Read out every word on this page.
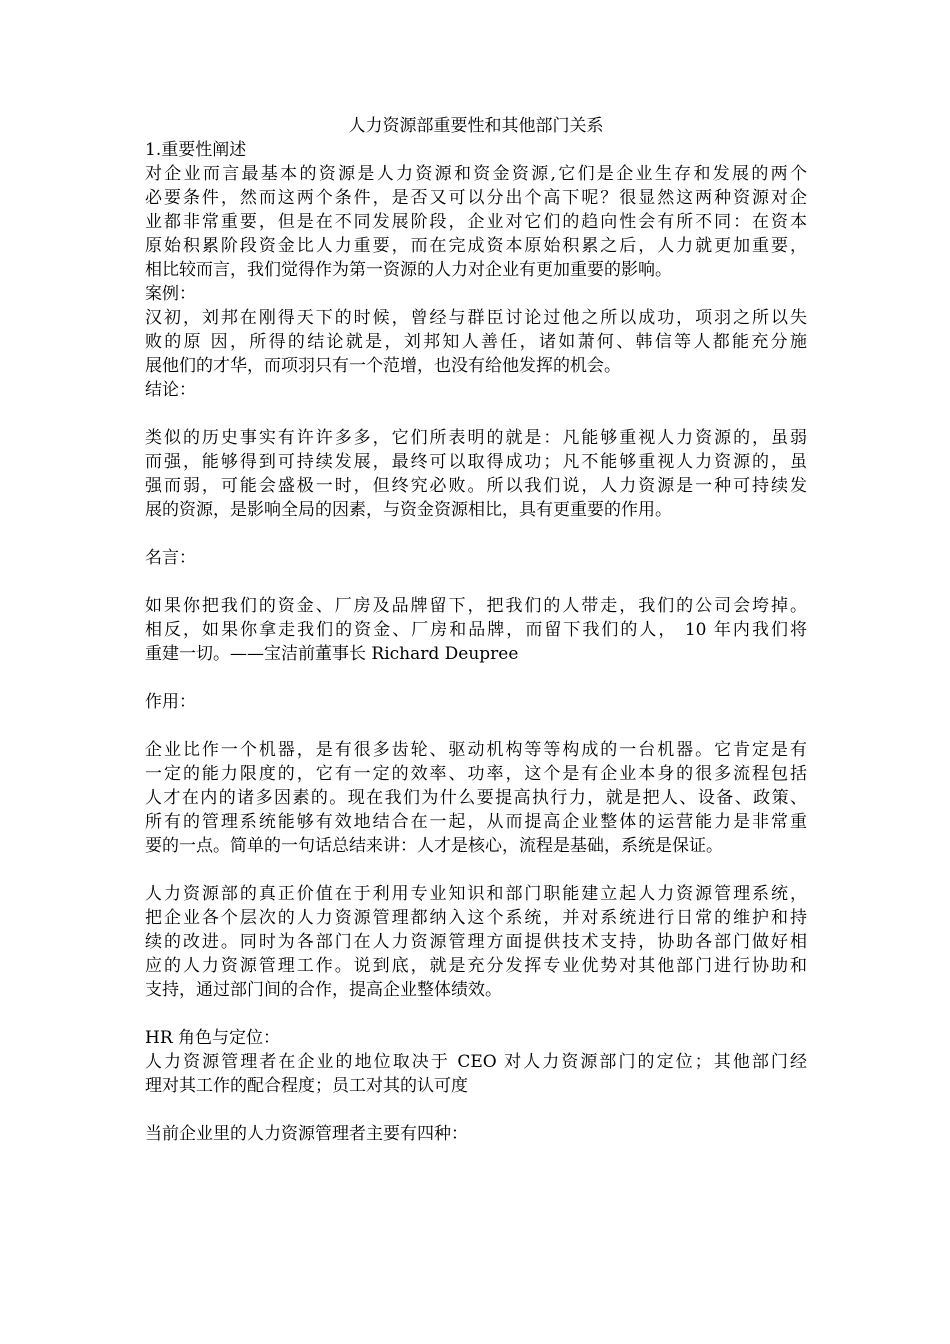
人力资源部重要性和其他部门关系
1.重要性阐述
对企业而言最基本的资源是人力资源和资金资源,它们是企业生存和发展的两个
必要条件，然而这两个条件，是否又可以分出个高下呢？很显然这两种资源对企
业都非常重要，但是在不同发展阶段，企业对它们的趋向性会有所不同：在资本
原始积累阶段资金比人力重要，而在完成资本原始积累之后，人力就更加重要，
相比较而言，我们觉得作为第一资源的人力对企业有更加重要的影响。
案例：
汉初，刘邦在刚得天下的时候，曾经与群臣讨论过他之所以成功，项羽之所以失
败的原 因，所得的结论就是，刘邦知人善任，诸如萧何、韩信等人都能充分施
展他们的才华，而项羽只有一个范增，也没有给他发挥的机会。
结论：
类似的历史事实有许许多多，它们所表明的就是：凡能够重视人力资源的，虽弱
而强，能够得到可持续发展，最终可以取得成功；凡不能够重视人力资源的，虽
强而弱，可能会盛极一时，但终究必败。所以我们说，人力资源是一种可持续发
展的资源，是影响全局的因素，与资金资源相比，具有更重要的作用。
名言：
如果你把我们的资金、厂房及品牌留下，把我们的人带走，我们的公司会垮掉。
相反，如果你拿走我们的资金、厂房和品牌，而留下我们的人， 10 年内我们将
重建一切。——宝洁前董事长 Richard Deupree
作用：
企业比作一个机器，是有很多齿轮、驱动机构等等构成的一台机器。它肯定是有
一定的能力限度的，它有一定的效率、功率，这个是有企业本身的很多流程包括
人才在内的诸多因素的。现在我们为什么要提高执行力，就是把人、设备、政策、
所有的管理系统能够有效地结合在一起，从而提高企业整体的运营能力是非常重
要的一点。简单的一句话总结来讲：人才是核心，流程是基础，系统是保证。
人力资源部的真正价值在于利用专业知识和部门职能建立起人力资源管理系统，
把企业各个层次的人力资源管理都纳入这个系统，并对系统进行日常的维护和持
续的改进。同时为各部门在人力资源管理方面提供技术支持，协助各部门做好相
应的人力资源管理工作。说到底，就是充分发挥专业优势对其他部门进行协助和
支持，通过部门间的合作，提高企业整体绩效。
HR 角色与定位：
人力资源管理者在企业的地位取决于 CEO 对人力资源部门的定位；其他部门经
理对其工作的配合程度；员工对其的认可度
当前企业里的人力资源管理者主要有四种：
